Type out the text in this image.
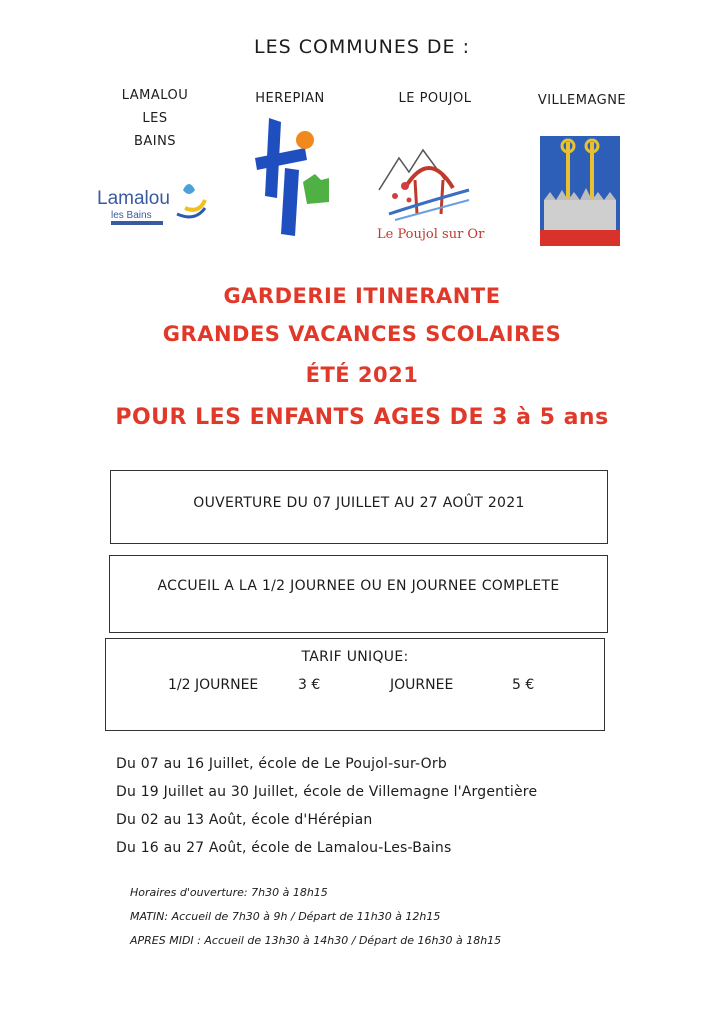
LES COMMUNES DE :
LAMALOU
LES
BAINS
HEREPIAN	LE POUJOL	VILLEMAGNE
Lamalou
les Bains
Le Poujol sur Orb
GARDERIE ITINERANTE
GRANDES VACANCES SCOLAIRES
ÉTÉ 2021
POUR LES ENFANTS AGES DE 3 à 5 ans
OUVERTURE DU 07 JUILLET AU 27 AOÛT 2021
ACCUEIL A LA 1/2 JOURNEE OU EN JOURNEE COMPLETE
TARIF UNIQUE:
1/2 JOURNEE	3 €	JOURNEE	5 €
Du 07 au 16 Juillet, école de Le Poujol-sur-Orb
Du 19 Juillet au 30 Juillet, école de Villemagne l'Argentière
Du 02 au 13 Août, école d'Hérépian
Du 16 au 27 Août, école de Lamalou-Les-Bains
Horaires d'ouverture: 7h30 à 18h15
MATIN: Accueil de 7h30 à 9h / Départ de 11h30 à 12h15
APRES MIDI : Accueil de 13h30 à 14h30 / Départ de 16h30 à 18h15
